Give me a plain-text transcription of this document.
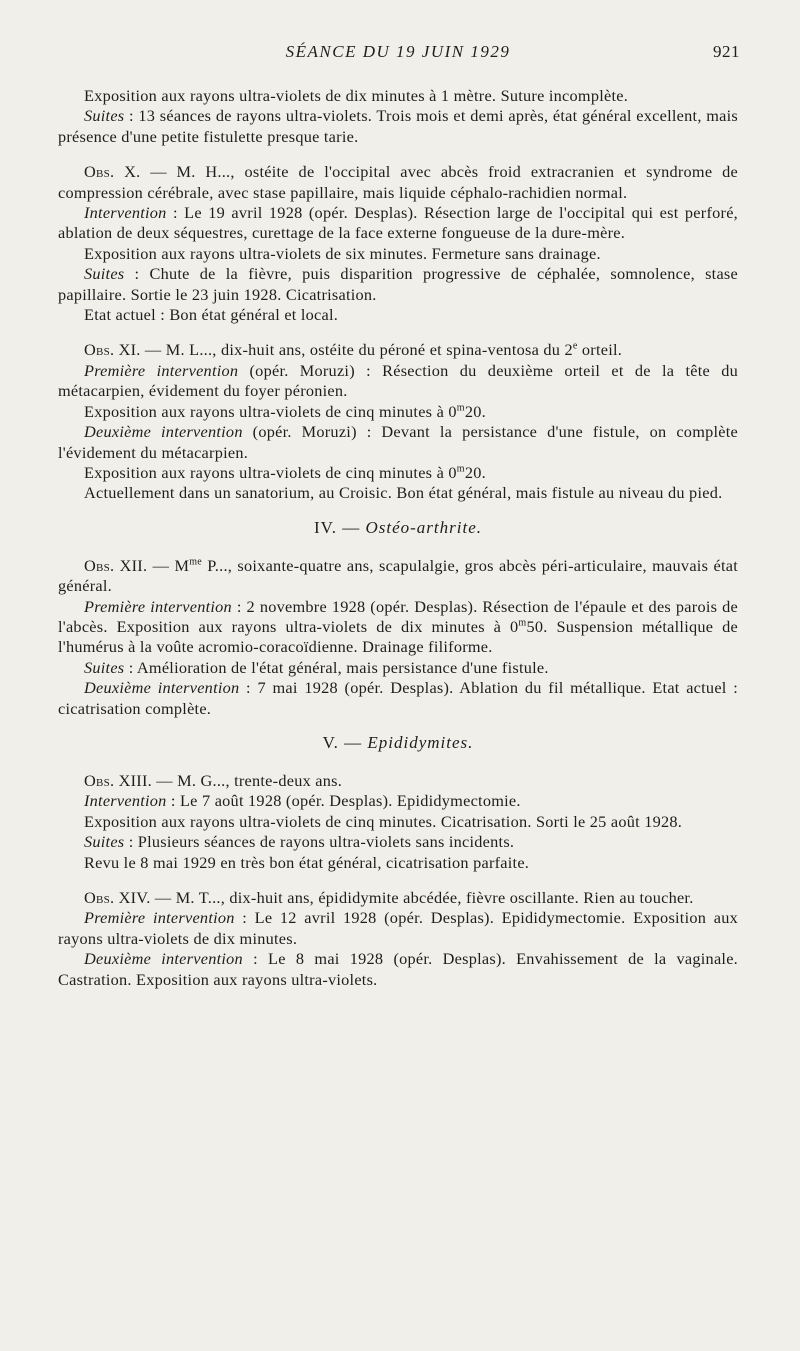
SÉANCE DU 19 JUIN 1929	921

Exposition aux rayons ultra-violets de dix minutes à 1 mètre. Suture incomplète.

Suites : 13 séances de rayons ultra-violets. Trois mois et demi après, état général excellent, mais présence d'une petite fistulette presque tarie.

Obs. X. — M. H..., ostéite de l'occipital avec abcès froid extracranien et syndrome de compression cérébrale, avec stase papillaire, mais liquide céphalo-rachidien normal.

Intervention : Le 19 avril 1928 (opér. Desplas). Résection large de l'occipital qui est perforé, ablation de deux séquestres, curettage de la face externe fongueuse de la dure-mère.

Exposition aux rayons ultra-violets de six minutes. Fermeture sans drainage.

Suites : Chute de la fièvre, puis disparition progressive de céphalée, somnolence, stase papillaire. Sortie le 23 juin 1928. Cicatrisation.

Etat actuel : Bon état général et local.

Obs. XI. — M. L..., dix-huit ans, ostéite du péroné et spina-ventosa du 2e orteil.

Première intervention (opér. Moruzi) : Résection du deuxième orteil et de la tête du métacarpien, évidement du foyer péronien.

Exposition aux rayons ultra-violets de cinq minutes à 0$^m$20.

Deuxième intervention (opér. Moruzi) : Devant la persistance d'une fistule, on complète l'évidement du métacarpien.

Exposition aux rayons ultra-violets de cinq minutes à 0$^m$20.

Actuellement dans un sanatorium, au Croisic. Bon état général, mais fistule au niveau du pied.

IV. — Ostéo-arthrite.

Obs. XII. — $M^{me}$ P..., soixante-quatre ans, scapulalgie, gros abcès péri-articulaire, mauvais état général.

Première intervention : 2 novembre 1928 (opér. Desplas). Résection de l'épaule et des parois de l'abcès. Exposition aux rayons ultra-violets de dix minutes à 0$^m$50. Suspension métallique de l'humérus à la voûte acromio-coracoïdienne. Drainage filiforme.

Suites : Amélioration de l'état général, mais persistance d'une fistule.

Deuxième intervention : 7 mai 1928 (opér. Desplas). Ablation du fil métallique. Etat actuel : cicatrisation complète.

V. — Epididymites.

Obs. XIII. — M. G..., trente-deux ans.

Intervention : Le 7 août 1928 (opér. Desplas). Epididymectomie.

Exposition aux rayons ultra-violets de cinq minutes. Cicatrisation. Sorti le 25 août 1928.

Suites : Plusieurs séances de rayons ultra-violets sans incidents.

Revu le 8 mai 1929 en très bon état général, cicatrisation parfaite.

Obs. XIV. — M. T..., dix-huit ans, épididymite abcédée, fièvre oscillante. Rien au toucher.

Première intervention : Le 12 avril 1928 (opér. Desplas). Epididymectomie. Exposition aux rayons ultra-violets de dix minutes.

Deuxième intervention : Le 8 mai 1928 (opér. Desplas). Envahissement de la vaginale. Castration. Exposition aux rayons ultra-violets.
